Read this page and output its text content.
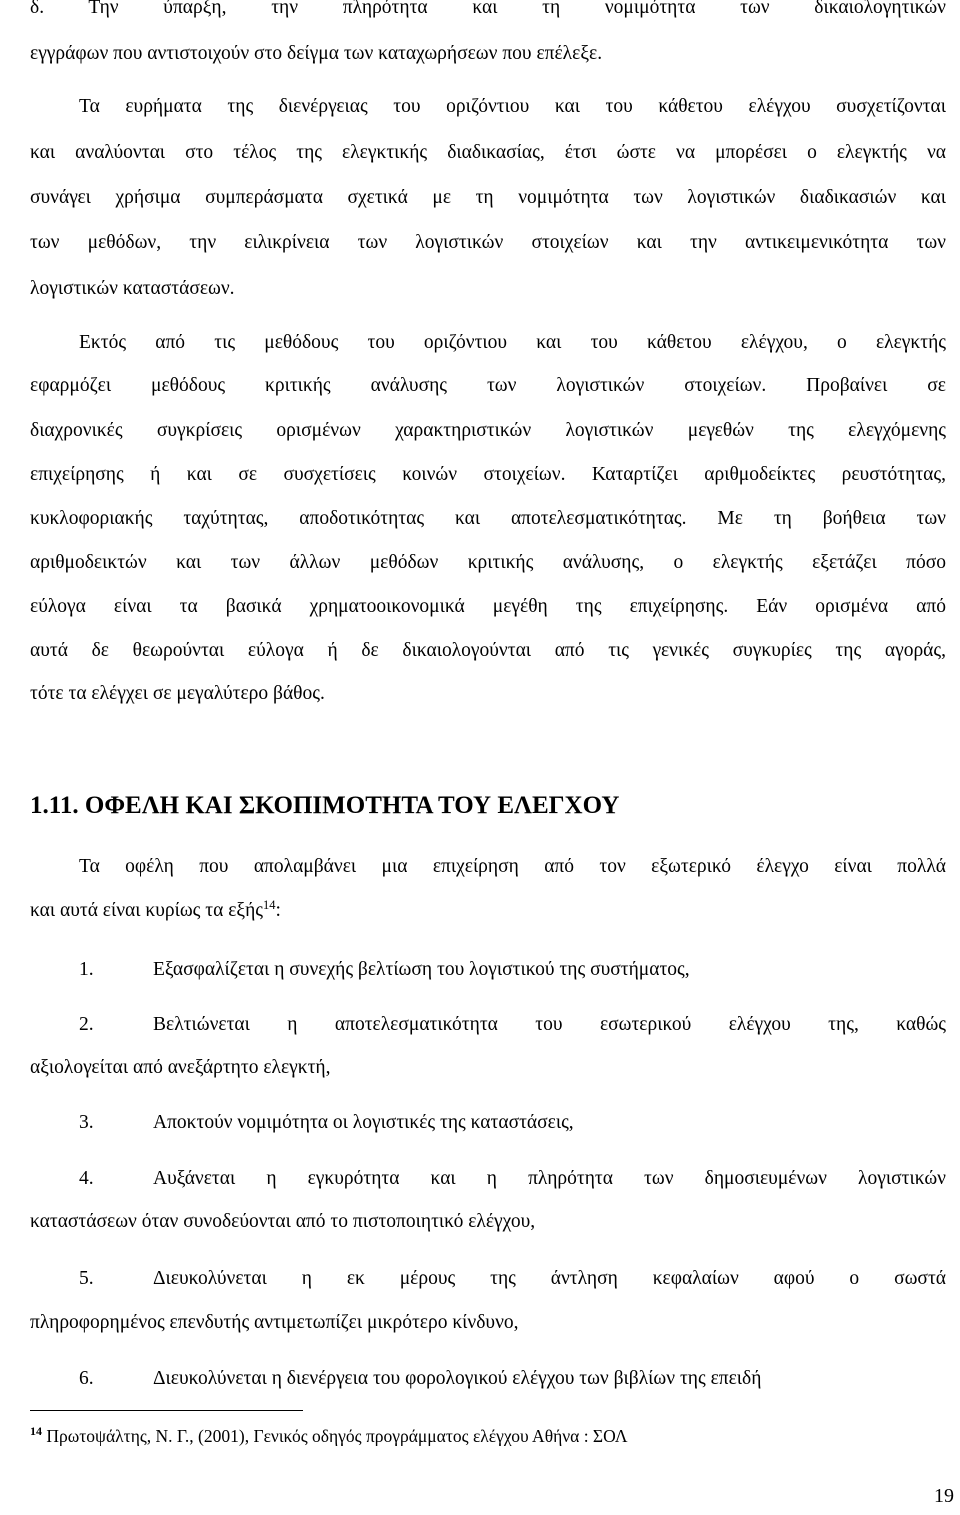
δ. Την ύπαρξη, την πληρότητα και τη νομιμότητα των δικαιολογητικών

εγγράφων που αντιστοιχούν στο δείγμα των καταχωρήσεων που επέλεξε.

Τα ευρήματα της διενέργειας του οριζόντιου και του κάθετου ελέγχου συσχετίζονται

και αναλύονται στο τέλος της ελεγκτικής διαδικασίας, έτσι ώστε να μπορέσει ο ελεγκτής να

συνάγει χρήσιμα συμπεράσματα σχετικά με τη νομιμότητα των λογιστικών διαδικασιών και

των μεθόδων, την ειλικρίνεια των λογιστικών στοιχείων και την αντικειμενικότητα των

λογιστικών καταστάσεων.

Εκτός από τις μεθόδους του οριζόντιου και του κάθετου ελέγχου, ο ελεγκτής

εφαρμόζει μεθόδους κριτικής ανάλυσης των λογιστικών στοιχείων. Προβαίνει σε

διαχρονικές συγκρίσεις ορισμένων χαρακτηριστικών λογιστικών μεγεθών της ελεγχόμενης

επιχείρησης ή και σε συσχετίσεις κοινών στοιχείων. Καταρτίζει αριθμοδείκτες ρευστότητας,

κυκλοφοριακής ταχύτητας, αποδοτικότητας και αποτελεσματικότητας. Με τη βοήθεια των

αριθμοδεικτών και των άλλων μεθόδων κριτικής ανάλυσης, ο ελεγκτής εξετάζει πόσο

εύλογα είναι τα βασικά χρηματοοικονομικά μεγέθη της επιχείρησης. Εάν ορισμένα από

αυτά δε θεωρούνται εύλογα ή δε δικαιολογούνται από τις γενικές συγκυρίες της αγοράς,

τότε τα ελέγχει σε μεγαλύτερο βάθος.

1.11. ΟΦΕΛΗ ΚΑΙ ΣΚΟΠΙΜΟΤΗΤΑ ΤΟΥ ΕΛΕΓΧΟΥ

Τα οφέλη που απολαμβάνει μια επιχείρηση από τον εξωτερικό έλεγχο είναι πολλά

και αυτά είναι κυρίως τα εξής$^{14}$:

1.	Εξασφαλίζεται η συνεχής βελτίωση του λογιστικού της συστήματος,

2.	Βελτιώνεται η αποτελεσματικότητα του εσωτερικού ελέγχου της, καθώς

αξιολογείται από ανεξάρτητο ελεγκτή,

3.	Αποκτούν νομιμότητα οι λογιστικές της καταστάσεις,

4.	Αυξάνεται η εγκυρότητα και η πληρότητα των δημοσιευμένων λογιστικών

καταστάσεων όταν συνοδεύονται από το πιστοποιητικό ελέγχου,

5.	Διευκολύνεται η εκ μέρους της άντληση κεφαλαίων αφού ο σωστά

πληροφορημένος επενδυτής αντιμετωπίζει μικρότερο κίνδυνο,

6.	Διευκολύνεται η διενέργεια του φορολογικού ελέγχου των βιβλίων της επειδή

$^{14}$ Πρωτοψάλτης, Ν. Γ., (2001), Γενικός οδηγός προγράμματος ελέγχου Αθήνα : ΣΟΛ

19
